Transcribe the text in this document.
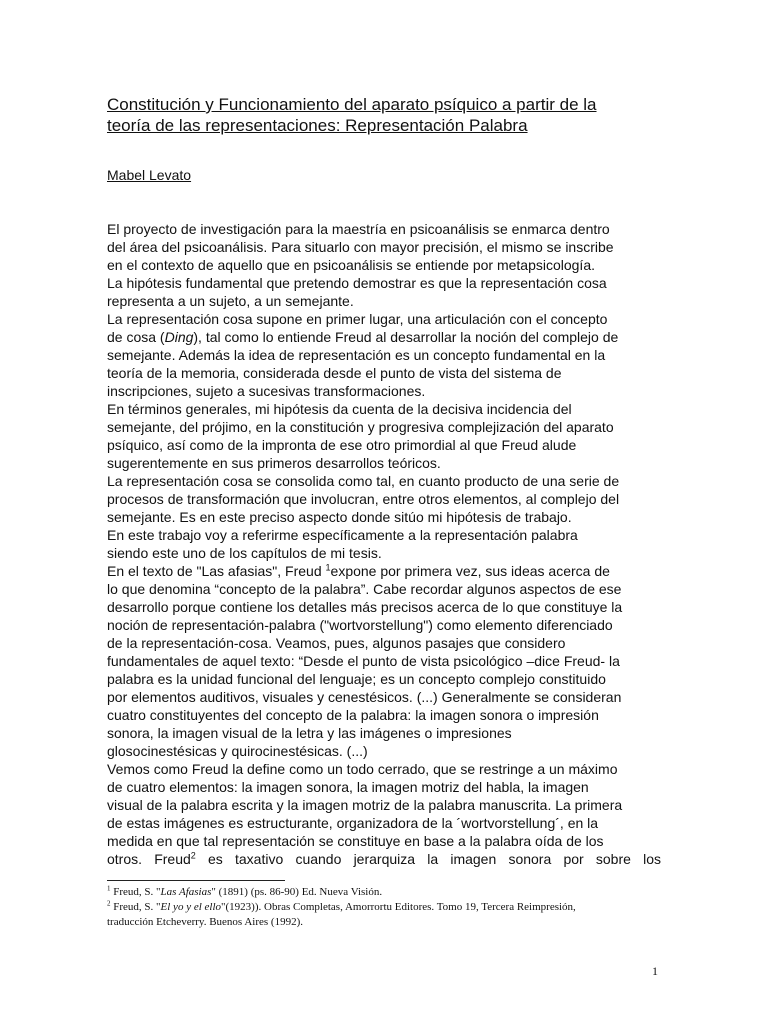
Constitución y Funcionamiento del aparato psíquico a partir de la
teoría de las representaciones: Representación Palabra
Mabel Levato
El proyecto de investigación para la maestría en psicoanálisis se enmarca dentro
del área del psicoanálisis. Para situarlo con mayor precisión, el mismo se inscribe
en el contexto de aquello que en psicoanálisis se entiende por metapsicología.
La hipótesis fundamental que pretendo demostrar es que la representación cosa
representa a un sujeto, a un semejante.
La representación cosa supone en primer lugar, una articulación con el concepto
de cosa (Ding), tal como lo entiende Freud al desarrollar la noción del complejo de
semejante. Además la idea de representación es un concepto fundamental en la
teoría de la memoria, considerada desde el punto de vista del sistema de
inscripciones, sujeto a sucesivas transformaciones.
En términos generales, mi hipótesis da cuenta de la decisiva incidencia del
semejante, del prójimo, en la constitución y progresiva complejización del aparato
psíquico, así como de la impronta de ese otro primordial al que Freud alude
sugerentemente en sus primeros desarrollos teóricos.
La representación cosa se consolida como tal, en cuanto producto de una serie de
procesos de transformación que involucran, entre otros elementos, al complejo del
semejante. Es en este preciso aspecto donde sitúo mi hipótesis de trabajo.
En este trabajo voy a referirme específicamente a la representación palabra
siendo este uno de los capítulos de mi tesis.
En el texto de "Las afasias", Freud $^1$expone por primera vez, sus ideas acerca de
lo que denomina “concepto de la palabra”. Cabe recordar algunos aspectos de ese
desarrollo porque contiene los detalles más precisos acerca de lo que constituye la
noción de representación-palabra ("wortvorstellung") como elemento diferenciado
de la representación-cosa. Veamos, pues, algunos pasajes que considero
fundamentales de aquel texto: “Desde el punto de vista psicológico –dice Freud- la
palabra es la unidad funcional del lenguaje; es un concepto complejo constituido
por elementos auditivos, visuales y cenestésicos. (...) Generalmente se consideran
cuatro constituyentes del concepto de la palabra: la imagen sonora o impresión
sonora, la imagen visual de la letra y las imágenes o impresiones
glosocinestésicas y quirocinestésicas. (...)
Vemos como Freud la define como un todo cerrado, que se restringe a un máximo
de cuatro elementos: la imagen sonora, la imagen motriz del habla, la imagen
visual de la palabra escrita y la imagen motriz de la palabra manuscrita. La primera
de estas imágenes es estructurante, organizadora de la ´wortvorstellung´, en la
medida en que tal representación se constituye en base a la palabra oída de los
otros. Freud$^2$ es taxativo cuando jerarquiza la imagen sonora por sobre los
$^1$ Freud, S. "Las Afasias" (1891) (ps. 86-90) Ed. Nueva Visión.
$^2$ Freud, S. "El yo y el ello"(1923)). Obras Completas, Amorrortu Editores. Tomo 19, Tercera Reimpresión,
traducción Etcheverry. Buenos Aires (1992).
1
